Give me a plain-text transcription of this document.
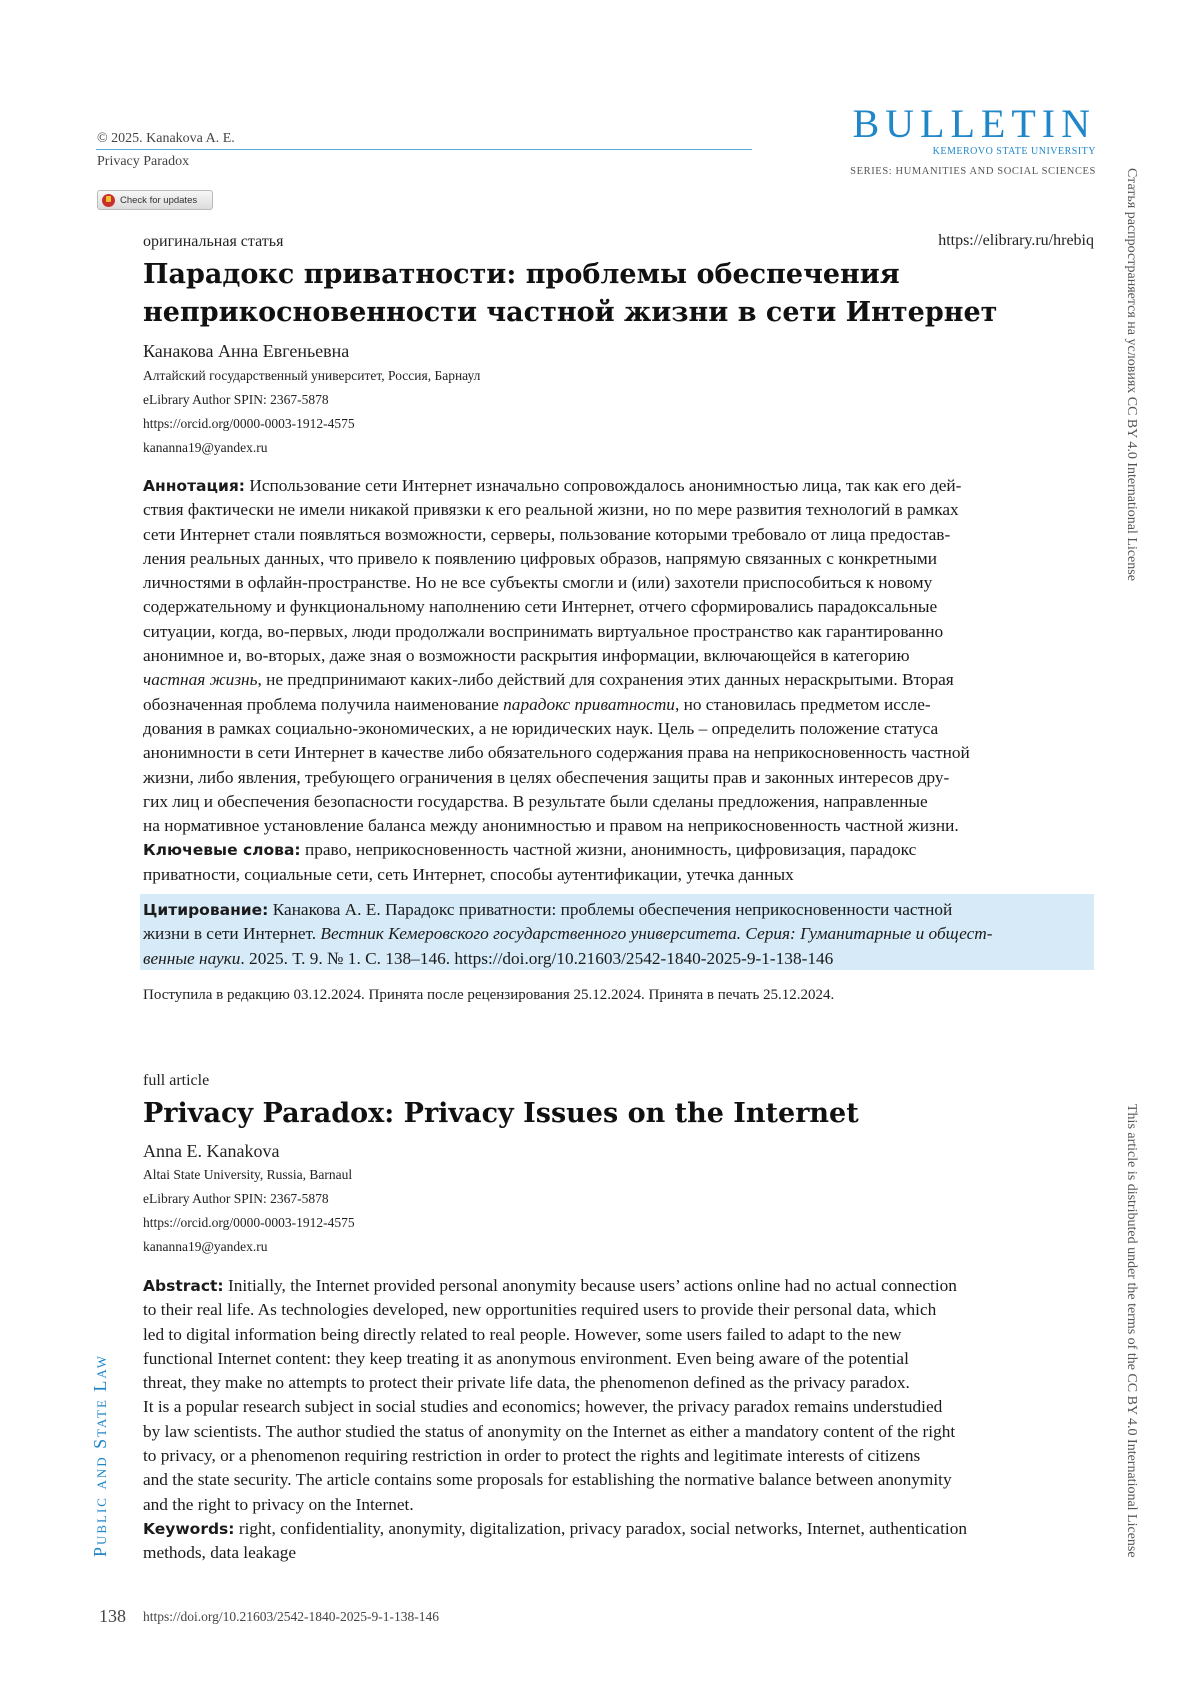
© 2025. Kanakova A. E.
Privacy Paradox
BULLETIN
KEMEROVO STATE UNIVERSITY
SERIES: HUMANITIES AND SOCIAL SCIENCES
Check for updates
оригинальная статья	https://elibrary.ru/hrebiq
Парадокс приватности: проблемы обеспечения
неприкосновенности частной жизни в сети Интернет
Канакова Анна Евгеньевна
Алтайский государственный университет, Россия, Барнаул
eLibrary Author SPIN: 2367-5878
https://orcid.org/0000-0003-1912-4575
kananna19@yandex.ru
Аннотация: Использование сети Интернет изначально сопровождалось анонимностью лица, так как его дей-
ствия фактически не имели никакой привязки к его реальной жизни, но по мере развития технологий в рамках
сети Интернет стали появляться возможности, серверы, пользование которыми требовало от лица предостав-
ления реальных данных, что привело к появлению цифровых образов, напрямую связанных с конкретными
личностями в офлайн-пространстве. Но не все субъекты смогли и (или) захотели приспособиться к новому
содержательному и функциональному наполнению сети Интернет, отчего сформировались парадоксальные
ситуации, когда, во-первых, люди продолжали воспринимать виртуальное пространство как гарантированно
анонимное и, во-вторых, даже зная о возможности раскрытия информации, включающейся в категорию
частная жизнь, не предпринимают каких-либо действий для сохранения этих данных нераскрытыми. Вторая
обозначенная проблема получила наименование парадокс приватности, но становилась предметом иссле-
дования в рамках социально-экономических, а не юридических наук. Цель – определить положение статуса
анонимности в сети Интернет в качестве либо обязательного содержания права на неприкосновенность частной
жизни, либо явления, требующего ограничения в целях обеспечения защиты прав и законных интересов дру-
гих лиц и обеспечения безопасности государства. В результате были сделаны предложения, направленные
на нормативное установление баланса между анонимностью и правом на неприкосновенность частной жизни.
Ключевые слова: право, неприкосновенность частной жизни, анонимность, цифровизация, парадокс
приватности, социальные сети, сеть Интернет, способы аутентификации, утечка данных
Цитирование: Канакова А. Е. Парадокс приватности: проблемы обеспечения неприкосновенности частной
жизни в сети Интернет. Вестник Кемеровского государственного университета. Серия: Гуманитарные и общест-
венные науки. 2025. Т. 9. № 1. С. 138–146. https://doi.org/10.21603/2542-1840-2025-9-1-138-146
Поступила в редакцию 03.12.2024. Принята после рецензирования 25.12.2024. Принята в печать 25.12.2024.
full article
Privacy Paradox: Privacy Issues on the Internet
Anna E. Kanakova
Altai State University, Russia, Barnaul
eLibrary Author SPIN: 2367-5878
https://orcid.org/0000-0003-1912-4575
kananna19@yandex.ru
Abstract: Initially, the Internet provided personal anonymity because users’ actions online had no actual connection
to their real life. As technologies developed, new opportunities required users to provide their personal data, which
led to digital information being directly related to real people. However, some users failed to adapt to the new
functional Internet content: they keep treating it as anonymous environment. Even being aware of the potential
threat, they make no attempts to protect their private life data, the phenomenon defined as the privacy paradox.
It is a popular research subject in social studies and economics; however, the privacy paradox remains understudied
by law scientists. The author studied the status of anonymity on the Internet as either a mandatory content of the right
to privacy, or a phenomenon requiring restriction in order to protect the rights and legitimate interests of citizens
and the state security. The article contains some proposals for establishing the normative balance between anonymity
and the right to privacy on the Internet.
Keywords: right, confidentiality, anonymity, digitalization, privacy paradox, social networks, Internet, authentication
methods, data leakage
Статья распространяется на условиях CC BY 4.0 International License
This article is distributed under the terms of the CC BY 4.0 International License
Public and State Law
138 https://doi.org/10.21603/2542-1840-2025-9-1-138-146
